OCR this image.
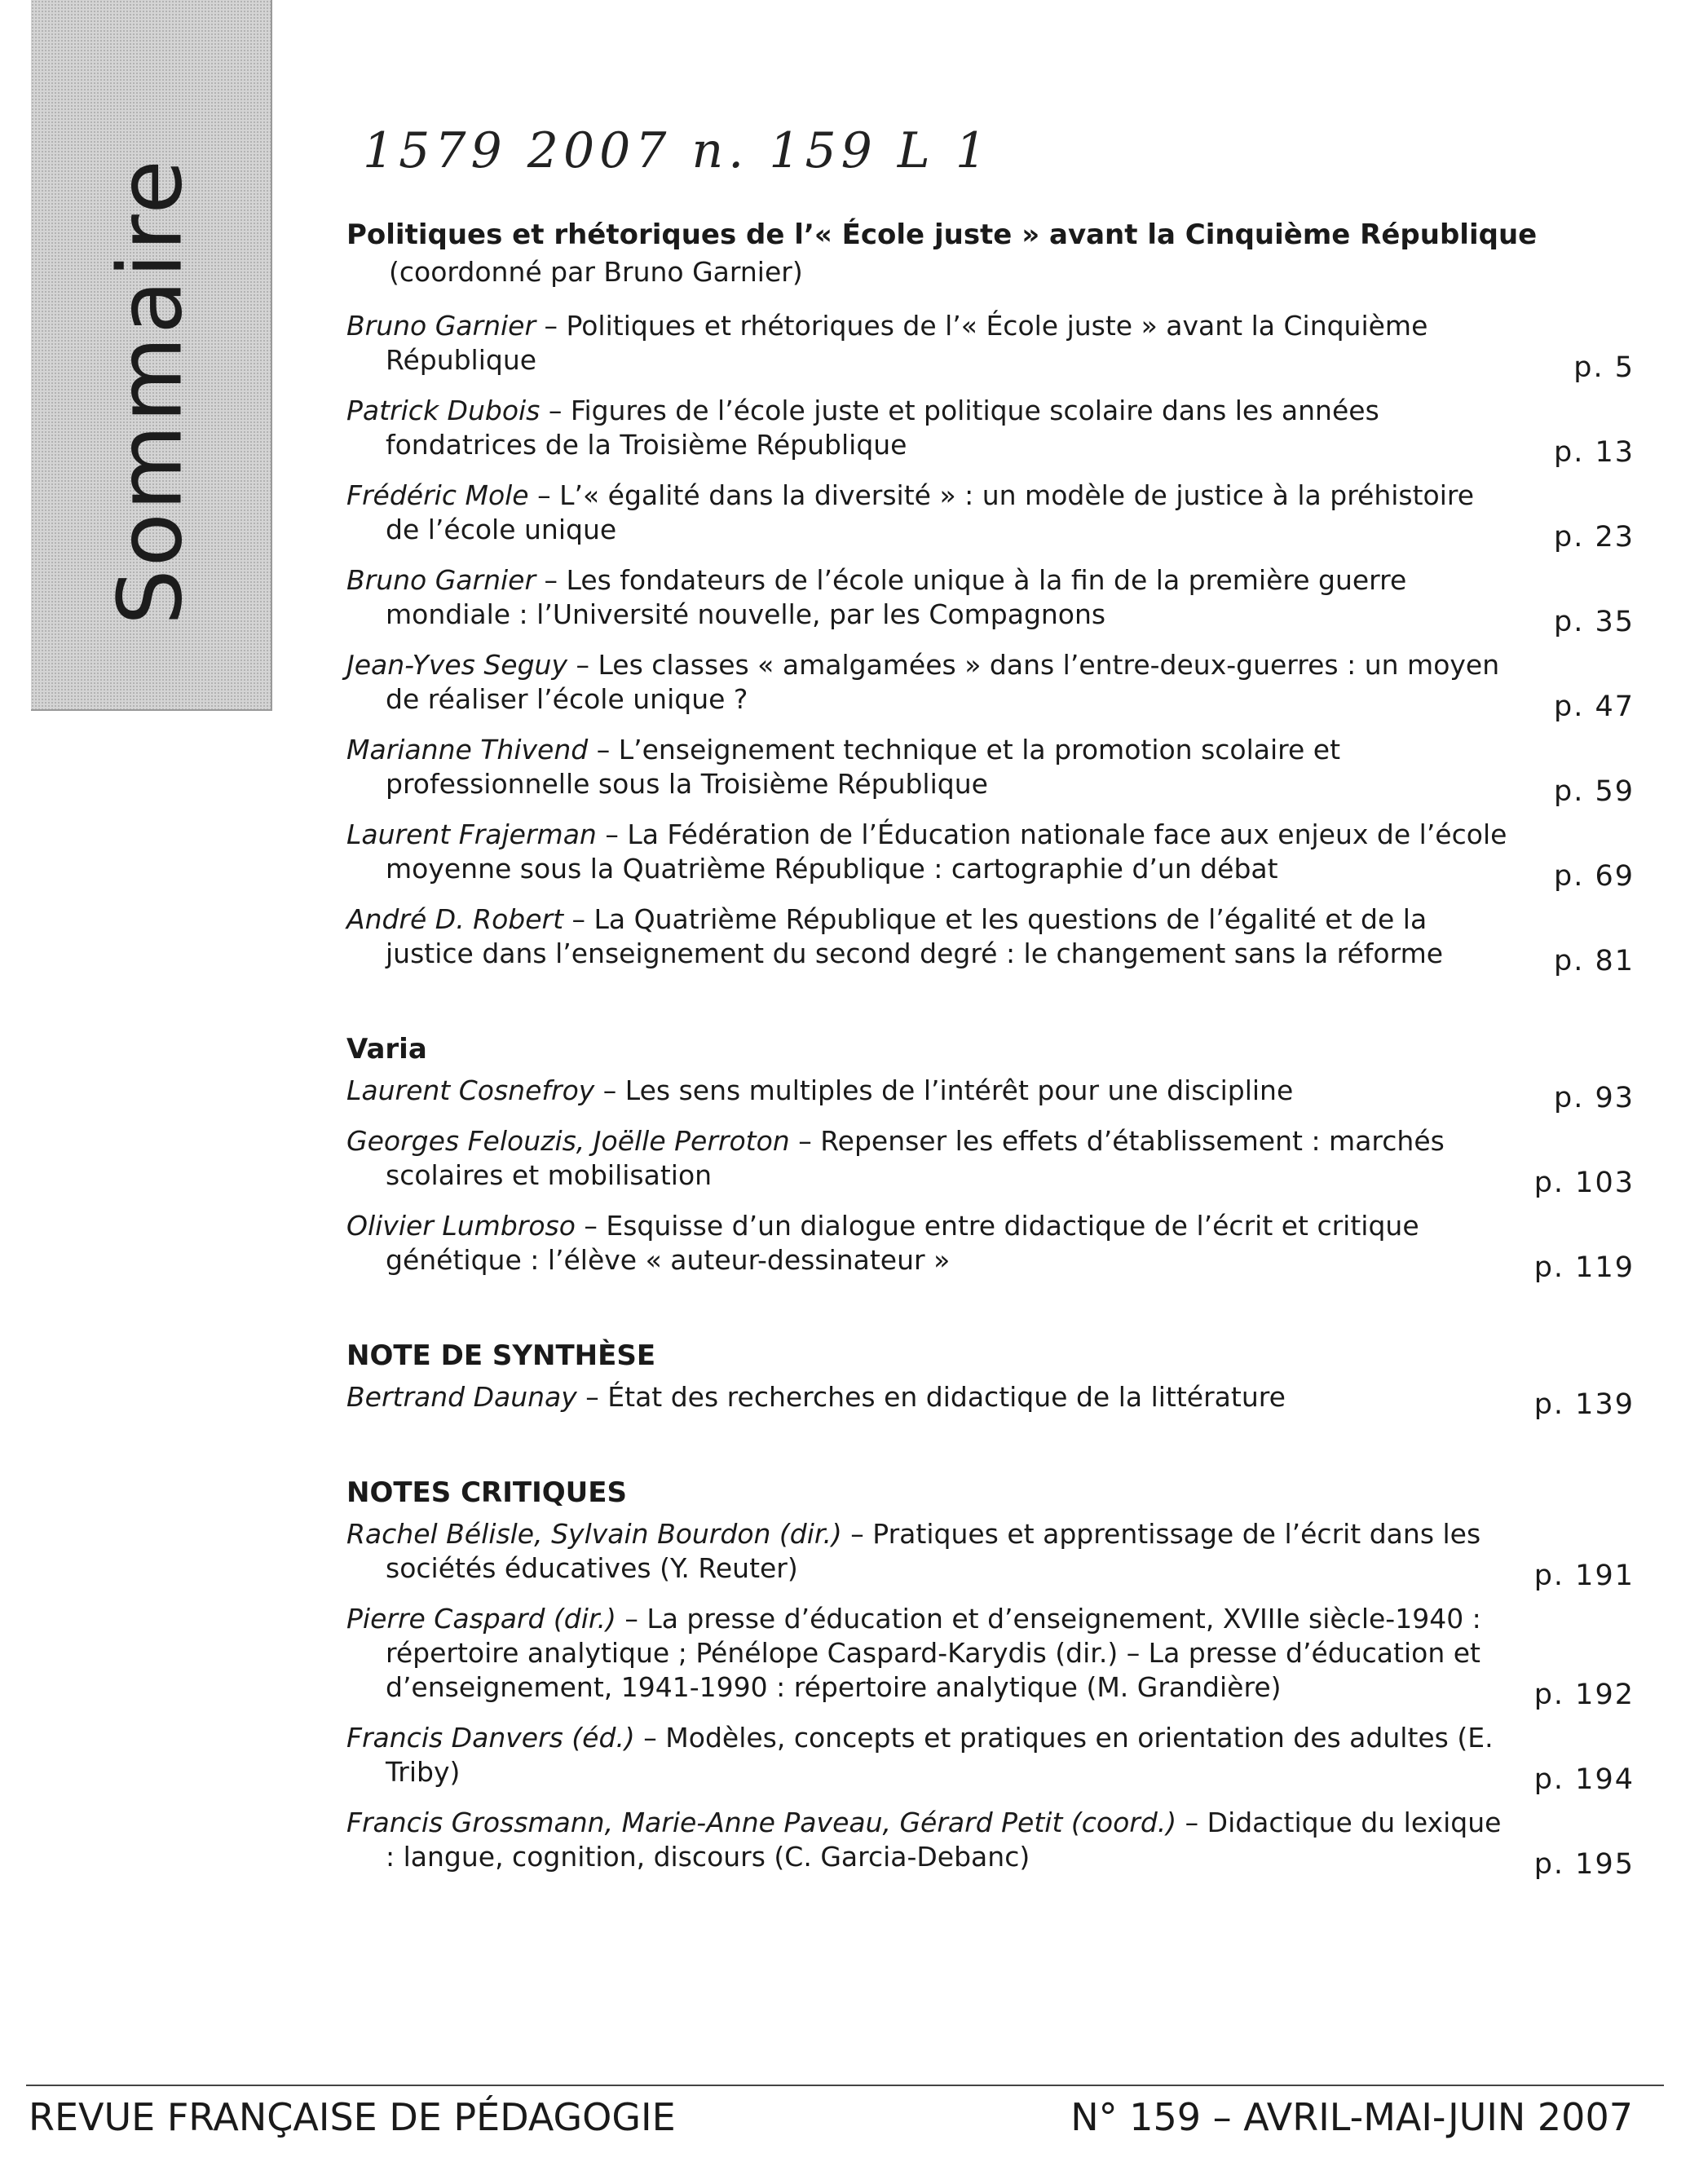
Sommaire
1579 2007 n. 159 L 1
Politiques et rhétoriques de l’« École juste » avant la Cinquième République
(coordonné par Bruno Garnier)
Bruno Garnier – Politiques et rhétoriques de l’« École juste » avant la Cinquième République	p. 5
Patrick Dubois – Figures de l’école juste et politique scolaire dans les années fondatrices de la Troisième République	p. 13
Frédéric Mole – L’« égalité dans la diversité » : un modèle de justice à la préhistoire de l’école unique	p. 23
Bruno Garnier – Les fondateurs de l’école unique à la fin de la première guerre mondiale : l’Université nouvelle, par les Compagnons	p. 35
Jean-Yves Seguy – Les classes « amalgamées » dans l’entre-deux-guerres : un moyen de réaliser l’école unique ?	p. 47
Marianne Thivend – L’enseignement technique et la promotion scolaire et professionnelle sous la Troisième République	p. 59
Laurent Frajerman – La Fédération de l’Éducation nationale face aux enjeux de l’école moyenne sous la Quatrième République : cartographie d’un débat	p. 69
André D. Robert – La Quatrième République et les questions de l’égalité et de la justice dans l’enseignement du second degré : le changement sans la réforme	p. 81
Varia
Laurent Cosnefroy – Les sens multiples de l’intérêt pour une discipline	p. 93
Georges Felouzis, Joëlle Perroton – Repenser les effets d’établissement : marchés scolaires et mobilisation	p. 103
Olivier Lumbroso – Esquisse d’un dialogue entre didactique de l’écrit et critique génétique : l’élève « auteur-dessinateur »	p. 119
NOTE DE SYNTHÈSE
Bertrand Daunay – État des recherches en didactique de la littérature	p. 139
NOTES CRITIQUES
Rachel Bélisle, Sylvain Bourdon (dir.) – Pratiques et apprentissage de l’écrit dans les sociétés éducatives (Y. Reuter)	p. 191
Pierre Caspard (dir.) – La presse d’éducation et d’enseignement, XVIIIe siècle-1940 : répertoire analytique ; Pénélope Caspard-Karydis (dir.) – La presse d’éducation et d’enseignement, 1941-1990 : répertoire analytique (M. Grandière)	p. 192
Francis Danvers (éd.) – Modèles, concepts et pratiques en orientation des adultes (E. Triby)	p. 194
Francis Grossmann, Marie-Anne Paveau, Gérard Petit (coord.) – Didactique du lexique : langue, cognition, discours (C. Garcia-Debanc)	p. 195
REVUE FRANÇAISE DE PÉDAGOGIE	N° 159 – AVRIL-MAI-JUIN 2007
